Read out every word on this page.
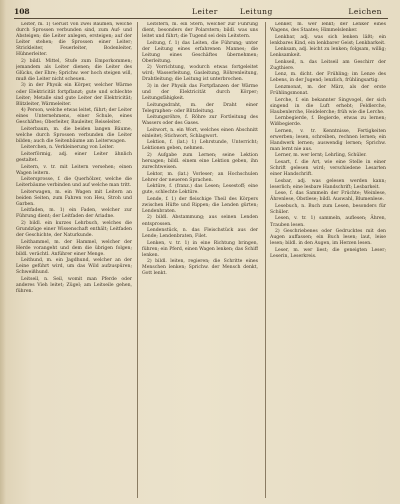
108	Leiter	Leitung	Leichen

Leiter, m. 1) Gerüst von zwei Bäumen, welche durch Sprossen verbunden sind, zum Auf- und Absteigen; die Leiter anlegen, ersteigen; auf der Leiter stehen; die Sprossen einer Leiter; Strickleiter, Feuerleiter, Bodenleiter, Hühnerleiter.

2) bildl. Mittel, Stufe zum Emporkommen; jemandem als Leiter dienen; die Leiter des Glücks, der Ehre; Sprichw. wer hoch steigen will, muß die Leiter nicht scheuen.

3) in der Physik ein Körper, welcher Wärme oder Elektricität fortpflanzt; gute und schlechte Leiter; Metalle sind gute Leiter der Elektricität; Blitzleiter, Wärmeleiter.

4) Person, welche etwas leitet, führt; der Leiter eines Unternehmens, einer Schule, eines Geschäftes; Oberleiter, Bauleiter, Reiseleiter.

Leiterbaum, m. die beiden langen Bäume, welche durch Sprossen verbunden die Leiter bilden; auch die Seitenbäume am Leiterwagen.

Leiterchen, n. Verkleinerung von Leiter.

Leiterförmig, adj. einer Leiter ähnlich gestaltet.

Leitern, v. tr. mit Leitern versehen; einen Wagen leitern.

Leitersprosse, f. die Querhölzer, welche die Leiterbäume verbinden und auf welche man tritt.

Leiterwagen, m. ein Wagen mit Leitern an beiden Seiten, zum Fahren von Heu, Stroh und Garben.

Leitfaden, m. 1) ein Faden, welcher zur Führung dient; der Leitfaden der Ariadne.

2) bildl. ein kurzes Lehrbuch, welches die Grundzüge einer Wissenschaft enthält; Leitfaden der Geschichte, der Naturkunde.

Leithammel, m. der Hammel, welcher der Herde vorangeht und dem die übrigen folgen; bildl. verächtl. Anführer einer Menge.

Leithund, m. ein Jagdhund, welcher an der Leine geführt wird, um das Wild aufzuspüren; Schweißhund.

Leitseil, n. Seil, womit man Pferde oder anderes Vieh leitet; Zügel; am Leitseile gehen, führen.

Leitstern, m. ein Stern, welcher zur Führung dient, besonders der Polarstern; bildl. was uns leitet und führt; die Tugend sei dein Leitstern.

Leitung, f. 1) das Leiten, die Führung; unter der Leitung eines erfahrenen Mannes; die Leitung eines Geschäftes übernehmen; Oberleitung.

2) Vorrichtung, wodurch etwas fortgeleitet wird; Wasserleitung, Gasleitung, Röhrenleitung, Drahtleitung; die Leitung ist unterbrochen.

3) in der Physik das Fortpflanzen der Wärme und der Elektricität durch Körper; Leitungsfähigkeit.

Leitungsdraht, m. der Draht einer Telegraphen- oder Blitzleitung.

Leitungsröhre, f. Röhre zur Fortleitung des Wassers oder des Gases.

Leitwort, n. ein Wort, welches einen Abschnitt einleitet; Stichwort, Schlagwort.

Lektion, f. (lat.) 1) Lehrstunde, Unterricht; Lektionen geben, nehmen.

2) Aufgabe zum Lernen; seine Lektion hersagen; bildl. einem eine Lektion geben, ihn zurechtweisen.

Lektor, m. (lat.) Vorleser; an Hochschulen Lehrer der neueren Sprachen.

Lektüre, f. (franz.) das Lesen; Lesestoff; eine gute, schlechte Lektüre.

Lende, f. 1) der fleischige Theil des Körpers zwischen Hüfte und Rippen; die Lenden gürten; Lendenbraten.

2) bildl. Abstammung; aus seinen Lenden entsprossen.

Lendenstück, n. das Fleischstück aus der Lende; Lendenbraten, Filet.

Lenken, v. tr. 1) in eine Richtung bringen, führen; ein Pferd, einen Wagen lenken; das Schiff lenken.

2) bildl. leiten, regieren; die Schritte eines Menschen lenken; Sprichw. der Mensch denkt, Gott lenkt.

Lenker, m. wer lenkt; der Lenker eines Wagens, des Staates; Himmelslenker.

Lenkbar, adj. was sich lenken läßt; ein lenkbares Kind, ein lenkbarer Geist; Lenkbarkeit.

Lenksam, adj. leicht zu lenken; folgsam, willig; Lenksamkeit.

Lenkseil, n. das Leitseil am Geschirr der Zugthiere.

Lenz, m. dicht. der Frühling; im Lenze des Lebens, in der Jugend; lenzlich, frühlingsartig.

Lenzmonat, m. der März, als der erste Frühlingsmonat.

Lerche, f. ein bekannter Singvogel, der sich singend in die Luft erhebt; Feldlerche, Haubenlerche, Heidelerche; früh wie die Lerche.

Lernbegierde, f. Begierde, etwas zu lernen; Wißbegierde.

Lernen, v. tr. Kenntnisse, Fertigkeiten erwerben; lesen, schreiben, rechnen lernen; ein Handwerk lernen; auswendig lernen; Sprichw. man lernt nie aus.

Lerner, m. wer lernt; Lehrling, Schüler.

Lesart, f. die Art, wie eine Stelle in einer Schrift gelesen wird; verschiedene Lesarten einer Handschrift.

Lesbar, adj. was gelesen werden kann; leserlich; eine lesbare Handschrift; Lesbarkeit.

Lese, f. das Sammeln der Früchte; Weinlese, Ährenlese, Obstlese; bildl. Auswahl, Blumenlese.

Lesebuch, n. Buch zum Lesen, besonders für Schüler.

Lesen, v. tr. 1) sammeln, auflesen; Ähren, Trauben lesen.

2) Geschriebenes oder Gedrucktes mit den Augen auffassen; ein Buch lesen; laut, leise lesen; bildl. in den Augen, im Herzen lesen.

Leser, m. wer liest; die geneigten Leser; Leserin, Leserkreis.
